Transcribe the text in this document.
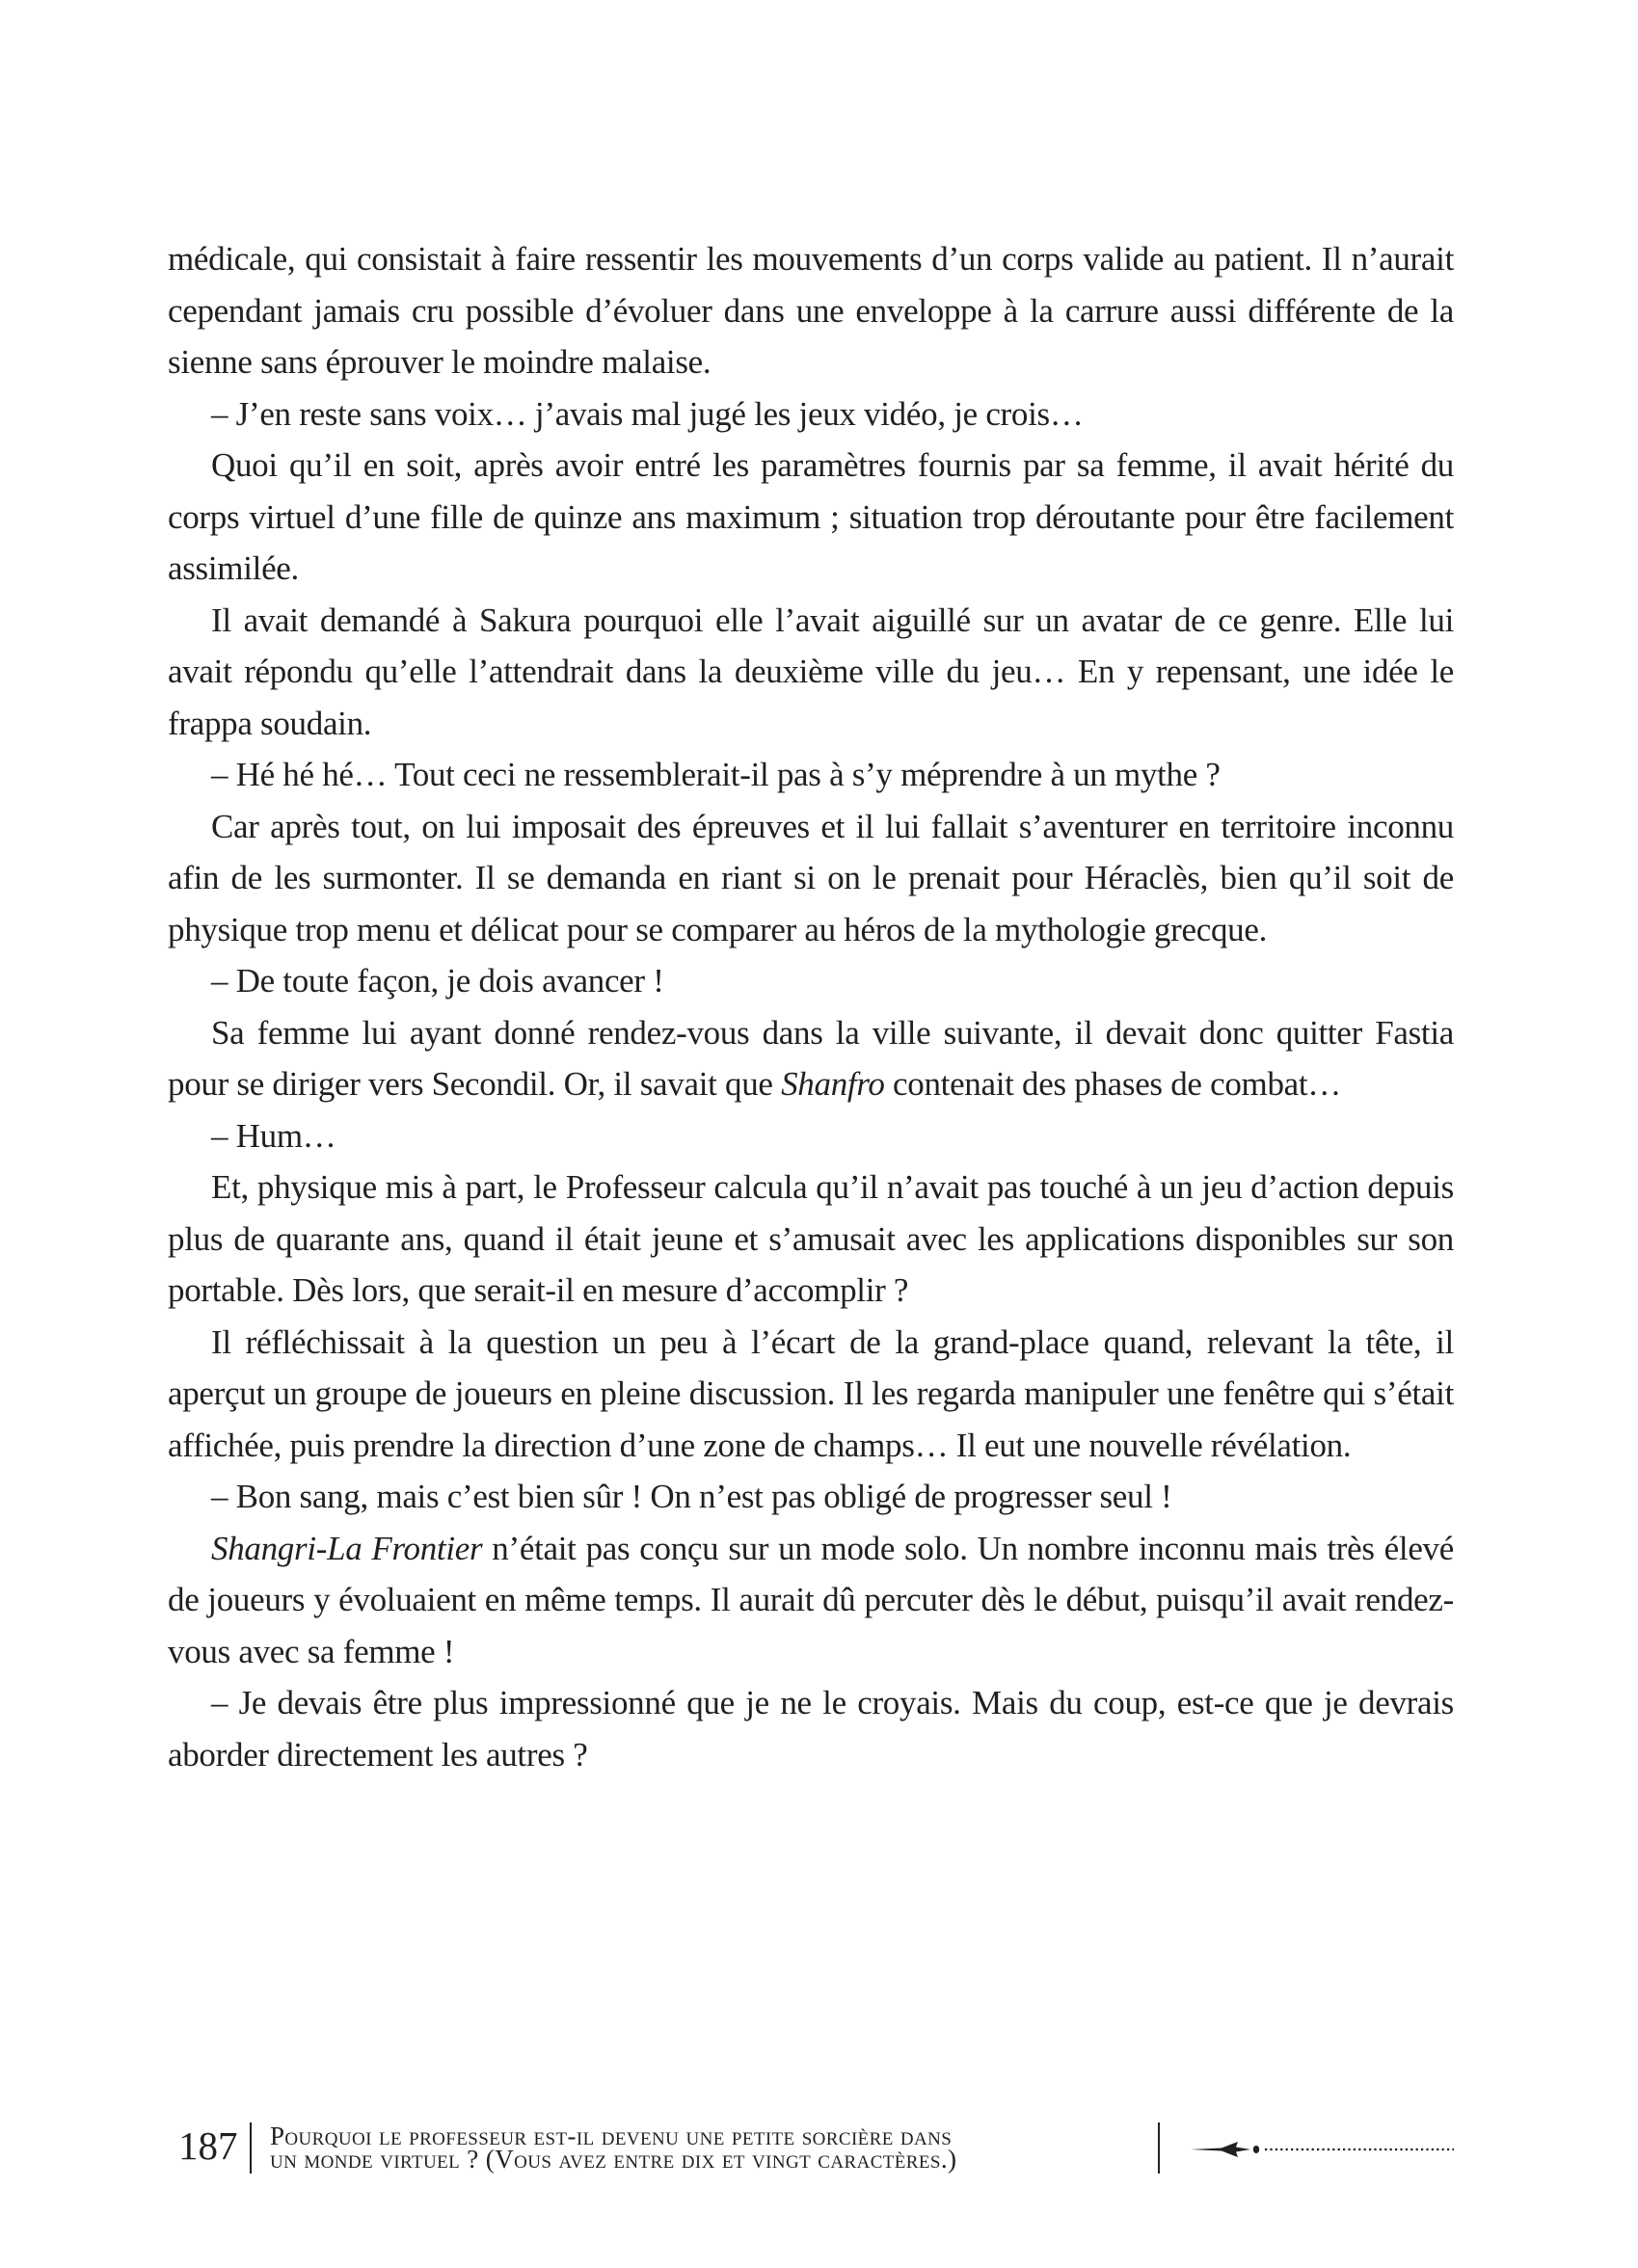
médicale, qui consistait à faire ressentir les mouvements d’un corps valide au patient. Il n’aurait cependant jamais cru possible d’évoluer dans une enveloppe à la carrure aussi différente de la sienne sans éprouver le moindre malaise.

– J’en reste sans voix… j’avais mal jugé les jeux vidéo, je crois…

Quoi qu’il en soit, après avoir entré les paramètres fournis par sa femme, il avait hérité du corps virtuel d’une fille de quinze ans maximum ; situation trop déroutante pour être facilement assimilée.

Il avait demandé à Sakura pourquoi elle l’avait aiguillé sur un avatar de ce genre. Elle lui avait répondu qu’elle l’attendrait dans la deuxième ville du jeu… En y repensant, une idée le frappa soudain.

– Hé hé hé… Tout ceci ne ressemblerait-il pas à s’y méprendre à un mythe ?

Car après tout, on lui imposait des épreuves et il lui fallait s’aventurer en territoire inconnu afin de les surmonter. Il se demanda en riant si on le prenait pour Héraclès, bien qu’il soit de physique trop menu et délicat pour se comparer au héros de la mythologie grecque.

– De toute façon, je dois avancer !

Sa femme lui ayant donné rendez-vous dans la ville suivante, il devait donc quitter Fastia pour se diriger vers Secondil. Or, il savait que Shanfro contenait des phases de combat…

– Hum…

Et, physique mis à part, le Professeur calcula qu’il n’avait pas touché à un jeu d’action depuis plus de quarante ans, quand il était jeune et s’amusait avec les applications disponibles sur son portable. Dès lors, que serait-il en mesure d’accomplir ?

Il réfléchissait à la question un peu à l’écart de la grand-place quand, relevant la tête, il aperçut un groupe de joueurs en pleine discussion. Il les regarda manipuler une fenêtre qui s’était affichée, puis prendre la direction d’une zone de champs… Il eut une nouvelle révélation.

– Bon sang, mais c’est bien sûr ! On n’est pas obligé de progresser seul !

Shangri-La Frontier n’était pas conçu sur un mode solo. Un nombre inconnu mais très élevé de joueurs y évoluaient en même temps. Il aurait dû percuter dès le début, puisqu’il avait rendez-vous avec sa femme !

– Je devais être plus impressionné que je ne le croyais. Mais du coup, est-ce que je devrais aborder directement les autres ?

187 Pourquoi le professeur est-il devenu une petite sorcière dans
un monde virtuel ? (Vous avez entre dix et vingt caractères.)
